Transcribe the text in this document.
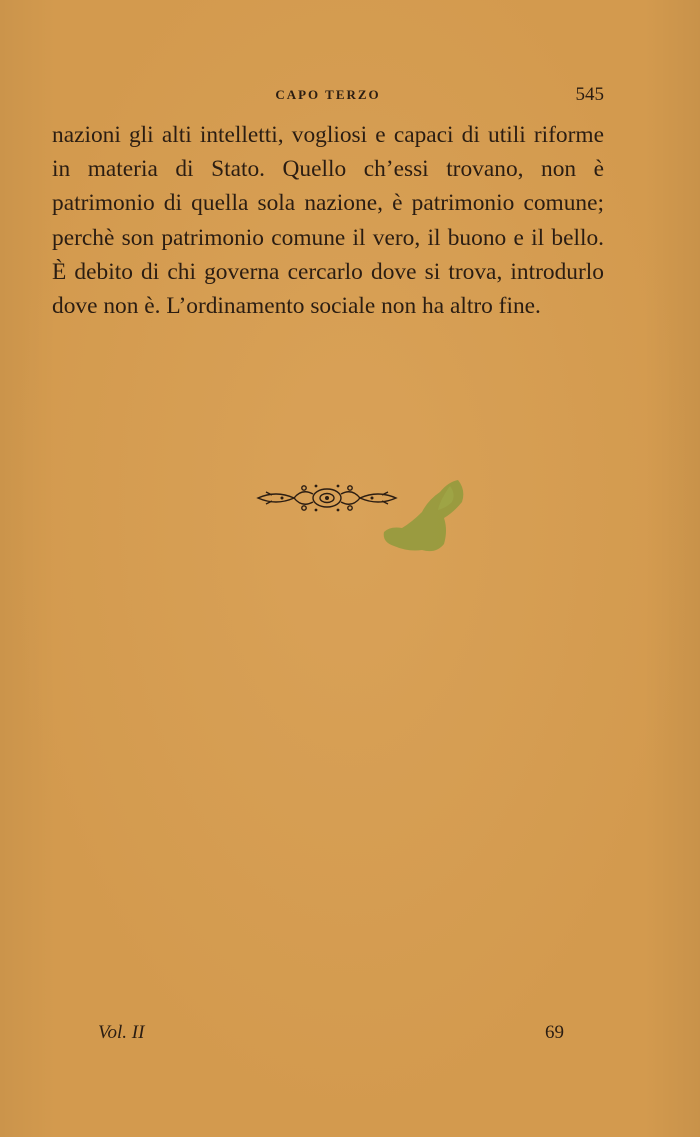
CAPO TERZO	545

nazioni gli alti intelletti, vogliosi e capaci di utili riforme in materia di Stato. Quello ch’essi trovano, non è patrimonio di quella sola nazione, è patrimonio comune; perchè son patrimonio comune il vero, il buono e il bello. È debito di chi governa cercarlo dove si trova, introdurlo dove non è. L’ordinamento sociale non ha altro fine.

Vol. II	69
